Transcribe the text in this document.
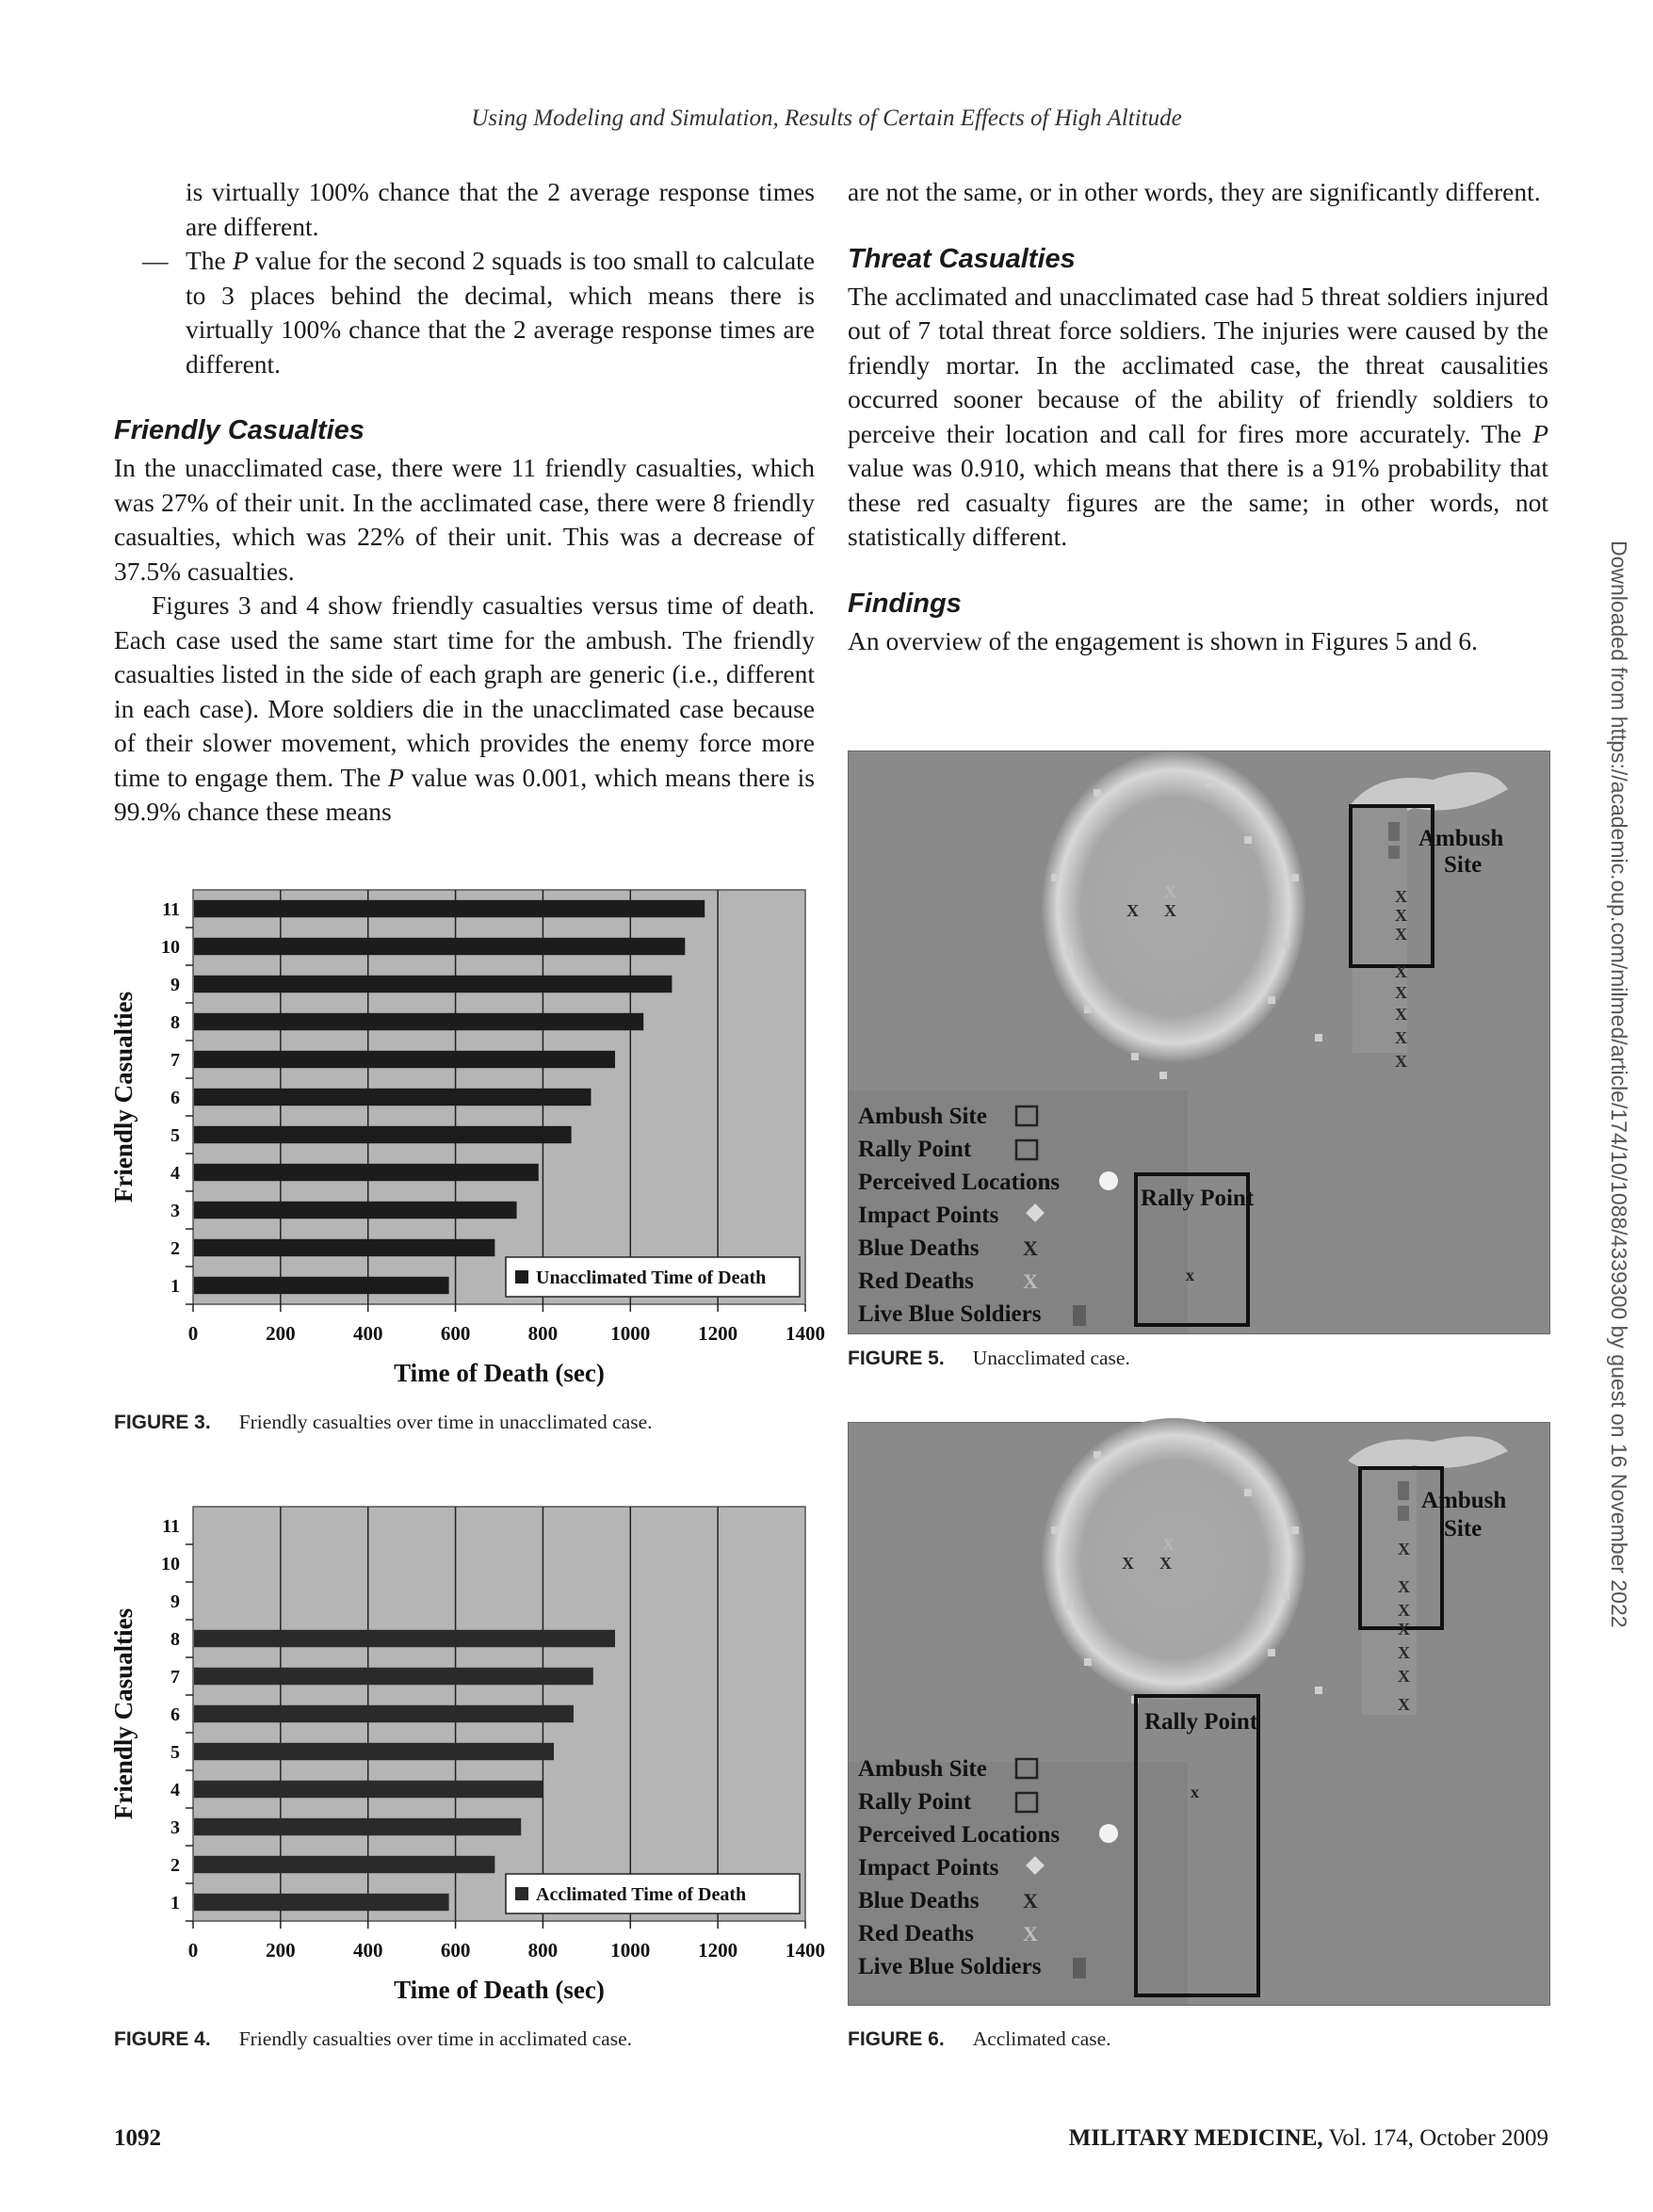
Using Modeling and Simulation, Results of Certain Effects of High Altitude
Downloaded from https://academic.oup.com/milmed/article/174/10/1088/4339300 by guest on 16 November 2022

is virtually 100% chance that the 2 average response times are different.

— The P value for the second 2 squads is too small to calculate to 3 places behind the decimal, which means there is virtually 100% chance that the 2 average response times are different.

Friendly Casualties

In the unacclimated case, there were 11 friendly casualties, which was 27% of their unit. In the acclimated case, there were 8 friendly casualties, which was 22% of their unit. This was a decrease of 37.5% casualties.

Figures 3 and 4 show friendly casualties versus time of death. Each case used the same start time for the ambush. The friendly casualties listed in the side of each graph are generic (i.e., different in each case). More soldiers die in the unacclimated case because of their slower movement, which provides the enemy force more time to engage them. The P value was 0.001, which means there is 99.9% chance these means

are not the same, or in other words, they are significantly different.

Threat Casualties

The acclimated and unacclimated case had 5 threat soldiers injured out of 7 total threat force soldiers. The injuries were caused by the friendly mortar. In the acclimated case, the threat causalities occurred sooner because of the ability of friendly soldiers to perceive their location and call for fires more accurately. The P value was 0.910, which means that there is a 91% probability that these red casualty figures are the same; in other words, not statistically different.

Findings

An overview of the engagement is shown in Figures 5 and 6.

0	200	400	600	800	1000 1200 1400
1
2
3
4
5
6
7
8
9
10
11
Time of Death (sec)
Friendly Casualties
Unacclimated Time of Death
FIGURE 3. Friendly casualties over time in unacclimated case.
0	200	400	600	800	1000 1200 1400
1
2
3
4
5
6
7
8
9
10
11
Time of Death (sec)
Friendly Casualties
Acclimated Time of Death
FIGURE 4. Friendly casualties over time in acclimated case.
Ambush
Site
X
X
X
X
X
X
X
X
X X
X
Rally Point
x
Ambush Site
Rally Point
Perceived Locations
Impact Points
Blue Deaths X
Red Deaths X
Live Blue Soldiers
FIGURE 5. Unacclimated case.
Ambush
Site
X
X
X
X
X
X
X
X X
X
Rally Point
x
Ambush Site
Rally Point
Perceived Locations
Impact Points
Blue Deaths X
Red Deaths X
Live Blue Soldiers
FIGURE 6. Acclimated case.
1092	MILITARY MEDICINE, Vol. 174, October 2009
